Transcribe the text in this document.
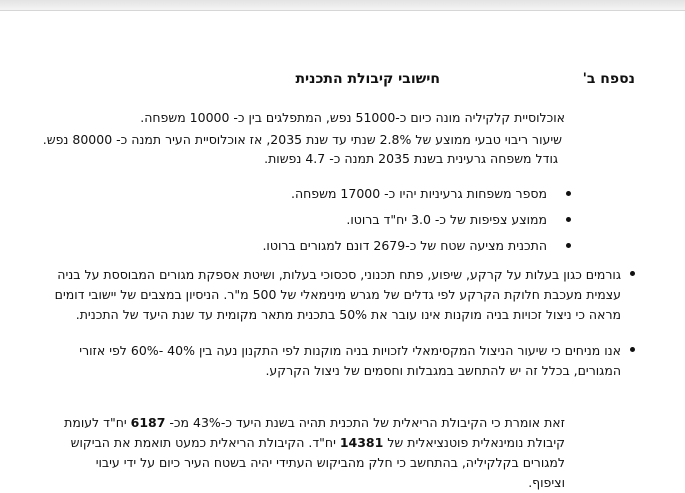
נספח ב'
חישובי קיבולת התכנית
אוכלוסיית קלקיליה מונה כיום כ-51000 נפש, המתפלגים בין כ- 10000 משפחה.
שיעור ריבוי טבעי ממוצע של 2.8% שנתי עד שנת 2035, אז אוכלוסיית העיר תמנה כ- 80000 נפש.
גודל משפחה גרעינית בשנת 2035 תמנה כ- 4.7 נפשות.
מספר משפחות גרעיניות יהיו כ- 17000 משפחה.
ממוצע צפיפות של כ- 3.0 יח"ד ברוטו.
התכנית מציעה שטח של כ-2679 דונם למגורים ברוטו.
גורמים כגון בעלות על קרקע, שיפוע, פתח תכנוני, סכסוכי בעלות, ושיטת אספקת מגורים המבוססת על בניה עצמית מעכבת חלוקת הקרקע לפי גדלים של מגרש מינימאלי של 500 מ"ר. הניסיון במצבים של יישובי דומים מראה כי ניצול זכויות בניה מוקנות אינו עובר את 50% בתכנית מתאר מקומית עד שנת היעד של התכנית.
אנו מניחים כי שיעור הניצול המקסימאלי לזכויות בניה מוקנות לפי התקנון נעה בין 40% -60% לפי אזורי המגורים, בכלל זה יש להתחשב במגבלות וחסמים של ניצול הקרקע.
זאת אומרת כי הקיבולת הריאלית של התכנית תהיה בשנת היעד כ-43% מכ- 6187 יח"ד לעומת קיבולת נומינאלית פוטנציאלית של 14381 יח"ד. הקיבולת הריאלית כמעט תואמת את הביקוש למגורים בקלקיליה, בהתחשב כי חלק מהביקוש העתידי יהיה בשטח העיר כיום על ידי עיבוי וציפוף.
